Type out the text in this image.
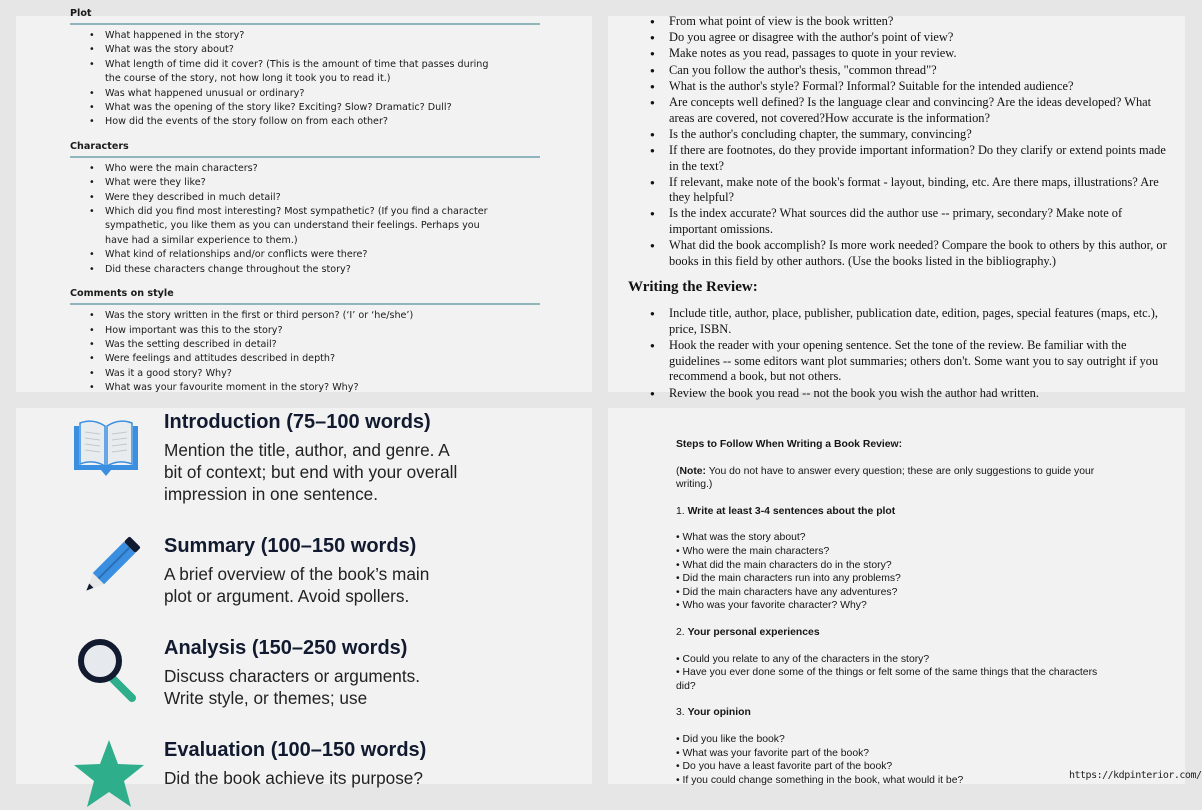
Plot
• What happened in the story?
• What was the story about?
• What length of time did it cover? (This is the amount of time that passes during the course of the story, not how long it took you to read it.)
• Was what happened unusual or ordinary?
• What was the opening of the story like? Exciting? Slow? Dramatic? Dull?
• How did the events of the story follow on from each other?
Characters
• Who were the main characters?
• What were they like?
• Were they described in much detail?
• Which did you find most interesting? Most sympathetic? (If you find a character sympathetic, you like them as you can understand their feelings. Perhaps you have had a similar experience to them.)
• What kind of relationships and/or conflicts were there?
• Did these characters change throughout the story?
Comments on style
• Was the story written in the first or third person? (‘I’ or ‘he/she’)
• How important was this to the story?
• Was the setting described in detail?
• Were feelings and attitudes described in depth?
• Was it a good story? Why?
• What was your favourite moment in the story? Why?
● From what point of view is the book written?
● Do you agree or disagree with the author's point of view?
● Make notes as you read, passages to quote in your review.
● Can you follow the author's thesis, "common thread"?
● What is the author's style? Formal? Informal? Suitable for the intended audience?
● Are concepts well defined? Is the language clear and convincing? Are the ideas developed? What areas are covered, not covered?How accurate is the information?
● Is the author's concluding chapter, the summary, convincing?
● If there are footnotes, do they provide important information? Do they clarify or extend points made in the text?
● If relevant, make note of the book's format - layout, binding, etc. Are there maps, illustrations? Are they helpful?
● Is the index accurate? What sources did the author use -- primary, secondary? Make note of important omissions.
● What did the book accomplish? Is more work needed? Compare the book to others by this author, or books in this field by other authors. (Use the books listed in the bibliography.)
Writing the Review:
● Include title, author, place, publisher, publication date, edition, pages, special features (maps, etc.), price, ISBN.
● Hook the reader with your opening sentence. Set the tone of the review. Be familiar with the guidelines -- some editors want plot summaries; others don't. Some want you to say outright if you recommend a book, but not others.
● Review the book you read -- not the book you wish the author had written.
Introduction (75–100 words)
Mention the title, author, and genre. A bit of context; but end with your overall impression in one sentence.
Summary (100–150 words)
A brief overview of the book’s main plot or argument. Avoid spollers.
Analysis (150–250 words)
Discuss characters or arguments. Write style, or themes; use
Evaluation (100–150 words)
Did the book achieve its purpose?

Steps to Follow When Writing a Book Review:

(Note: You do not have to answer every question; these are only suggestions to guide your writing.)

1. Write at least 3-4 sentences about the plot

• What was the story about?

• Who were the main characters?

• What did the main characters do in the story?

• Did the main characters run into any problems?

• Did the main characters have any adventures?

• Who was your favorite character? Why?

2. Your personal experiences

• Could you relate to any of the characters in the story?

• Have you ever done some of the things or felt some of the same things that the characters did?

3. Your opinion

• Did you like the book?

• What was your favorite part of the book?

• Do you have a least favorite part of the book?

• If you could change something in the book, what would it be?	https://kdpinterior.com/
